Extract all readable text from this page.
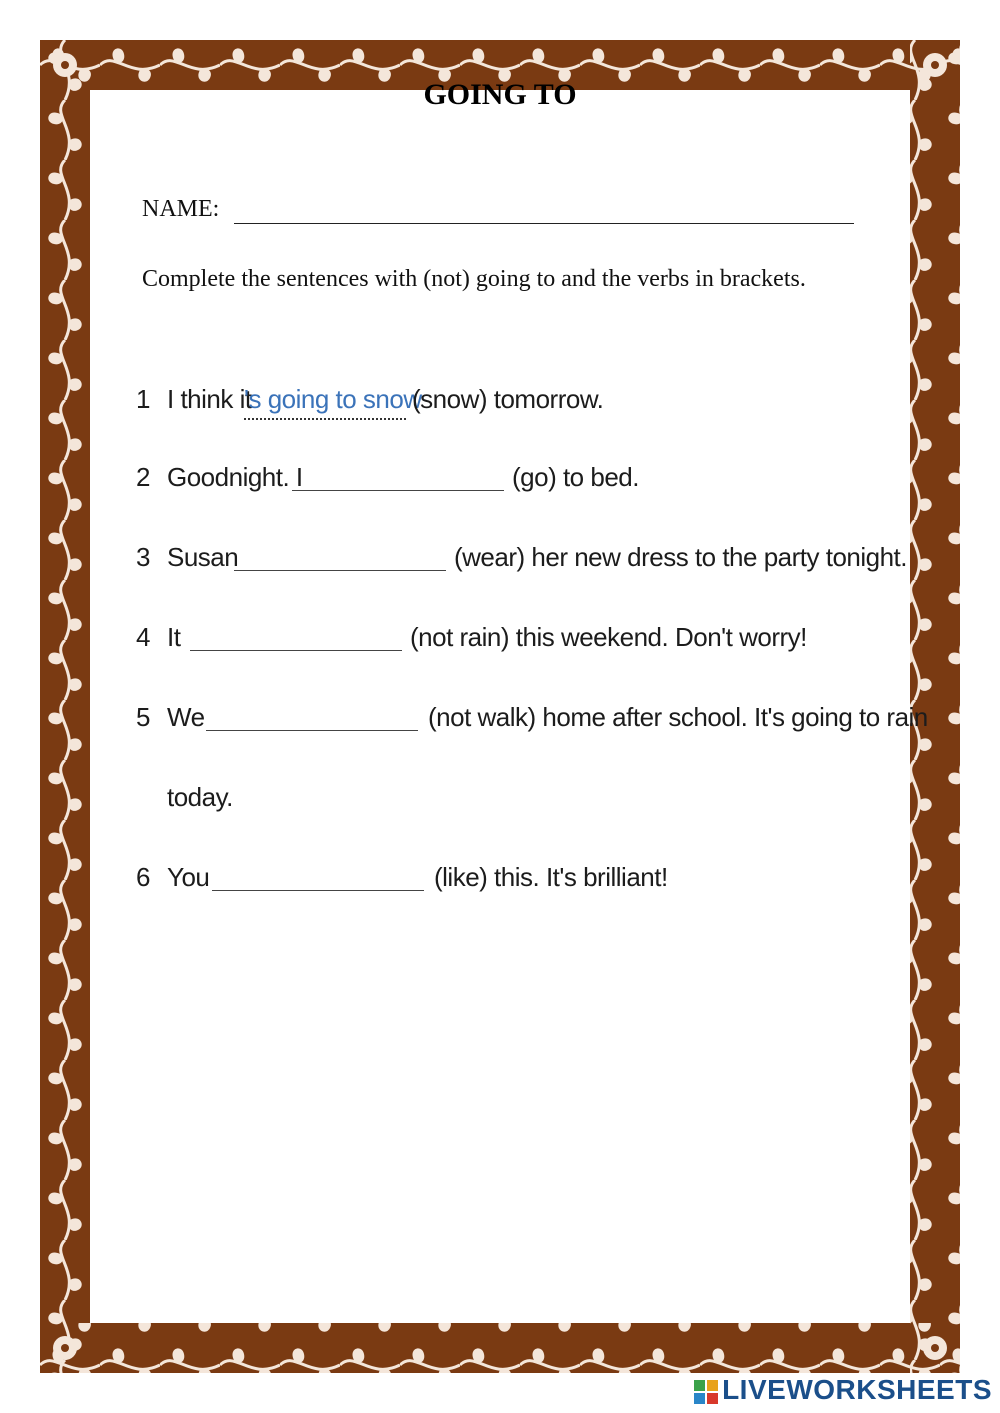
GOING TO
NAME:
Complete the sentences with (not) going to and the verbs in brackets.
1 I think it
's going to snow
(snow) tomorrow.
2 Goodnight. I	(go) to bed.
3 Susan	(wear) her new dress to the party tonight.
4 It	(not rain) this weekend. Don't worry!
5 We	(not walk) home after school. It's going to rain
today.
6 You	(like) this. It's brilliant!
LIVEWORKSHEETS
